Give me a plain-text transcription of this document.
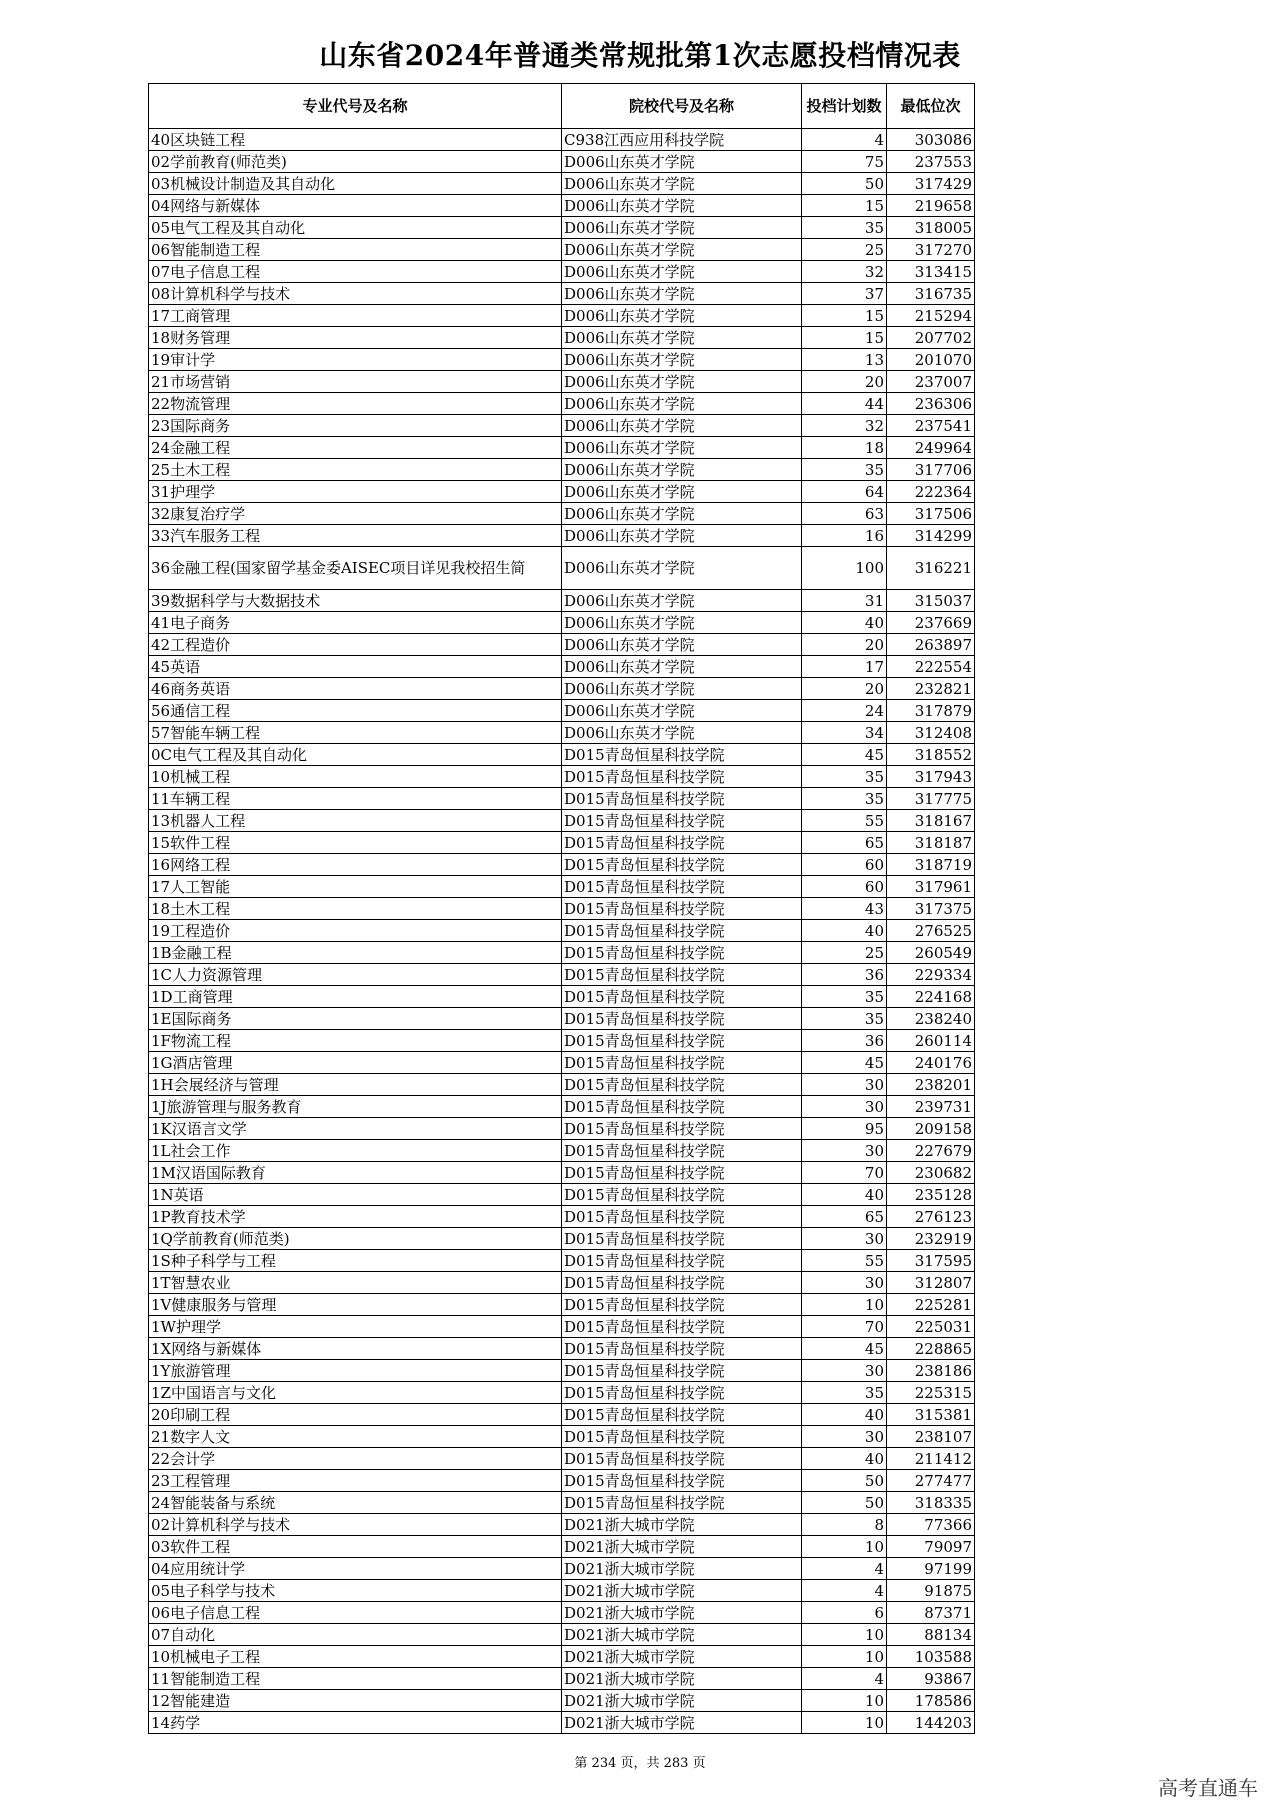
山东省2024年普通类常规批第1次志愿投档情况表
专业代号及名称	院校代号及名称	投档计划数	最低位次
40区块链工程	C938江西应用科技学院	4	303086
02学前教育(师范类)	D006山东英才学院	75	237553
03机械设计制造及其自动化	D006山东英才学院	50	317429
04网络与新媒体	D006山东英才学院	15	219658
05电气工程及其自动化	D006山东英才学院	35	318005
06智能制造工程	D006山东英才学院	25	317270
07电子信息工程	D006山东英才学院	32	313415
08计算机科学与技术	D006山东英才学院	37	316735
17工商管理	D006山东英才学院	15	215294
18财务管理	D006山东英才学院	15	207702
19审计学	D006山东英才学院	13	201070
21市场营销	D006山东英才学院	20	237007
22物流管理	D006山东英才学院	44	236306
23国际商务	D006山东英才学院	32	237541
24金融工程	D006山东英才学院	18	249964
25土木工程	D006山东英才学院	35	317706
31护理学	D006山东英才学院	64	222364
32康复治疗学	D006山东英才学院	63	317506
33汽车服务工程	D006山东英才学院	16	314299
36金融工程(国家留学基金委AISEC项目详见我校招生简	D006山东英才学院	100	316221
39数据科学与大数据技术	D006山东英才学院	31	315037
41电子商务	D006山东英才学院	40	237669
42工程造价	D006山东英才学院	20	263897
45英语	D006山东英才学院	17	222554
46商务英语	D006山东英才学院	20	232821
56通信工程	D006山东英才学院	24	317879
57智能车辆工程	D006山东英才学院	34	312408
0C电气工程及其自动化	D015青岛恒星科技学院	45	318552
10机械工程	D015青岛恒星科技学院	35	317943
11车辆工程	D015青岛恒星科技学院	35	317775
13机器人工程	D015青岛恒星科技学院	55	318167
15软件工程	D015青岛恒星科技学院	65	318187
16网络工程	D015青岛恒星科技学院	60	318719
17人工智能	D015青岛恒星科技学院	60	317961
18土木工程	D015青岛恒星科技学院	43	317375
19工程造价	D015青岛恒星科技学院	40	276525
1B金融工程	D015青岛恒星科技学院	25	260549
1C人力资源管理	D015青岛恒星科技学院	36	229334
1D工商管理	D015青岛恒星科技学院	35	224168
1E国际商务	D015青岛恒星科技学院	35	238240
1F物流工程	D015青岛恒星科技学院	36	260114
1G酒店管理	D015青岛恒星科技学院	45	240176
1H会展经济与管理	D015青岛恒星科技学院	30	238201
1J旅游管理与服务教育	D015青岛恒星科技学院	30	239731
1K汉语言文学	D015青岛恒星科技学院	95	209158
1L社会工作	D015青岛恒星科技学院	30	227679
1M汉语国际教育	D015青岛恒星科技学院	70	230682
1N英语	D015青岛恒星科技学院	40	235128
1P教育技术学	D015青岛恒星科技学院	65	276123
1Q学前教育(师范类)	D015青岛恒星科技学院	30	232919
1S种子科学与工程	D015青岛恒星科技学院	55	317595
1T智慧农业	D015青岛恒星科技学院	30	312807
1V健康服务与管理	D015青岛恒星科技学院	10	225281
1W护理学	D015青岛恒星科技学院	70	225031
1X网络与新媒体	D015青岛恒星科技学院	45	228865
1Y旅游管理	D015青岛恒星科技学院	30	238186
1Z中国语言与文化	D015青岛恒星科技学院	35	225315
20印刷工程	D015青岛恒星科技学院	40	315381
21数字人文	D015青岛恒星科技学院	30	238107
22会计学	D015青岛恒星科技学院	40	211412
23工程管理	D015青岛恒星科技学院	50	277477
24智能装备与系统	D015青岛恒星科技学院	50	318335
02计算机科学与技术	D021浙大城市学院	8	77366
03软件工程	D021浙大城市学院	10	79097
04应用统计学	D021浙大城市学院	4	97199
05电子科学与技术	D021浙大城市学院	4	91875
06电子信息工程	D021浙大城市学院	6	87371
07自动化	D021浙大城市学院	10	88134
10机械电子工程	D021浙大城市学院	10	103588
11智能制造工程	D021浙大城市学院	4	93867
12智能建造	D021浙大城市学院	10	178586
14药学	D021浙大城市学院	10	144203
第 234 页，共 283 页
高考直通车
